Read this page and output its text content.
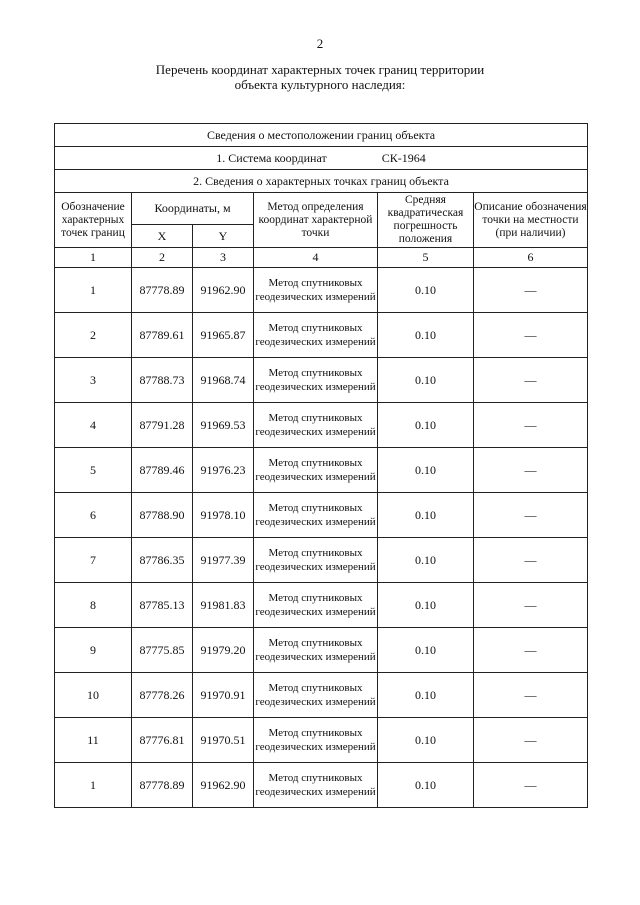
2
Перечень координат характерных точек границ территории
объекта культурного наследия:
Сведения о местоположении границ объекта					
1. Система координат СК-1964					
2. Сведения о характерных точках границ объекта					
Обозначение характерных точек границ	Координаты, м		Метод определения координат характерной точки	Средняя квадратическая погрешность положения	Описание обозначения точки на местности (при наличии)
	X	Y			
1	2	3	4	5	6
1	87778.89	91962.90	Метод спутниковых геодезических измерений	0.10	—
2	87789.61	91965.87	Метод спутниковых геодезических измерений	0.10	—
3	87788.73	91968.74	Метод спутниковых геодезических измерений	0.10	—
4	87791.28	91969.53	Метод спутниковых геодезических измерений	0.10	—
5	87789.46	91976.23	Метод спутниковых геодезических измерений	0.10	—
6	87788.90	91978.10	Метод спутниковых геодезических измерений	0.10	—
7	87786.35	91977.39	Метод спутниковых геодезических измерений	0.10	—
8	87785.13	91981.83	Метод спутниковых геодезических измерений	0.10	—
9	87775.85	91979.20	Метод спутниковых геодезических измерений	0.10	—
10	87778.26	91970.91	Метод спутниковых геодезических измерений	0.10	—
11	87776.81	91970.51	Метод спутниковых геодезических измерений	0.10	—
1	87778.89	91962.90	Метод спутниковых геодезических измерений	0.10	—
